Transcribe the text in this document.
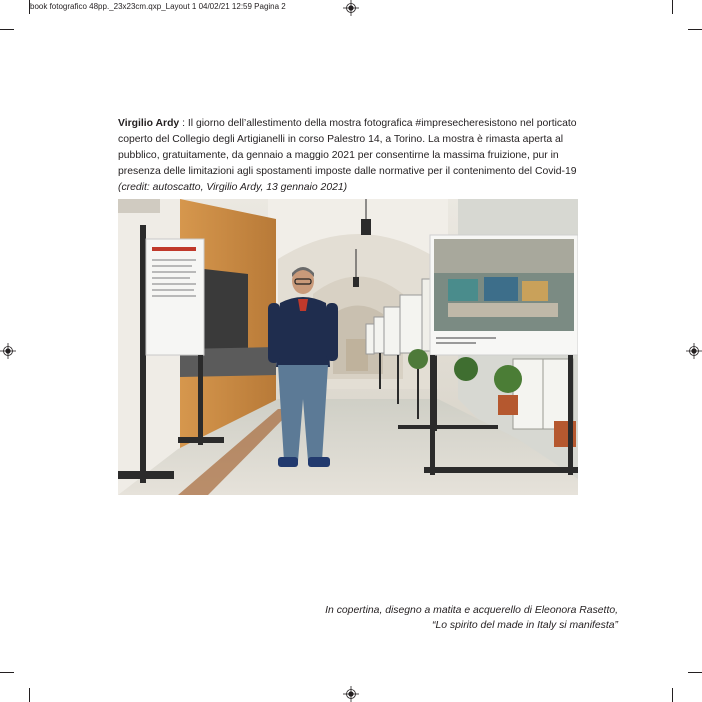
book fotografico 48pp._23x23cm.qxp_Layout 1 04/02/21 12:59 Pagina 2
Virgilio Ardy : Il giorno dell’allestimento della mostra fotografica #impresecheresistono nel porticato coperto del Collegio degli Artigianelli in corso Palestro 14, a Torino. La mostra è rimasta aperta al pubblico, gratuitamente, da gennaio a maggio 2021 per consentirne la massima fruizione, pur in presenza delle limitazioni agli spostamenti imposte dalle normative per il contenimento del Covid-19
(credit: autoscatto, Virgilio Ardy, 13 gennaio 2021)
In copertina, disegno a matita e acquerello di Eleonora Rasetto,
“Lo spirito del made in Italy si manifesta”
